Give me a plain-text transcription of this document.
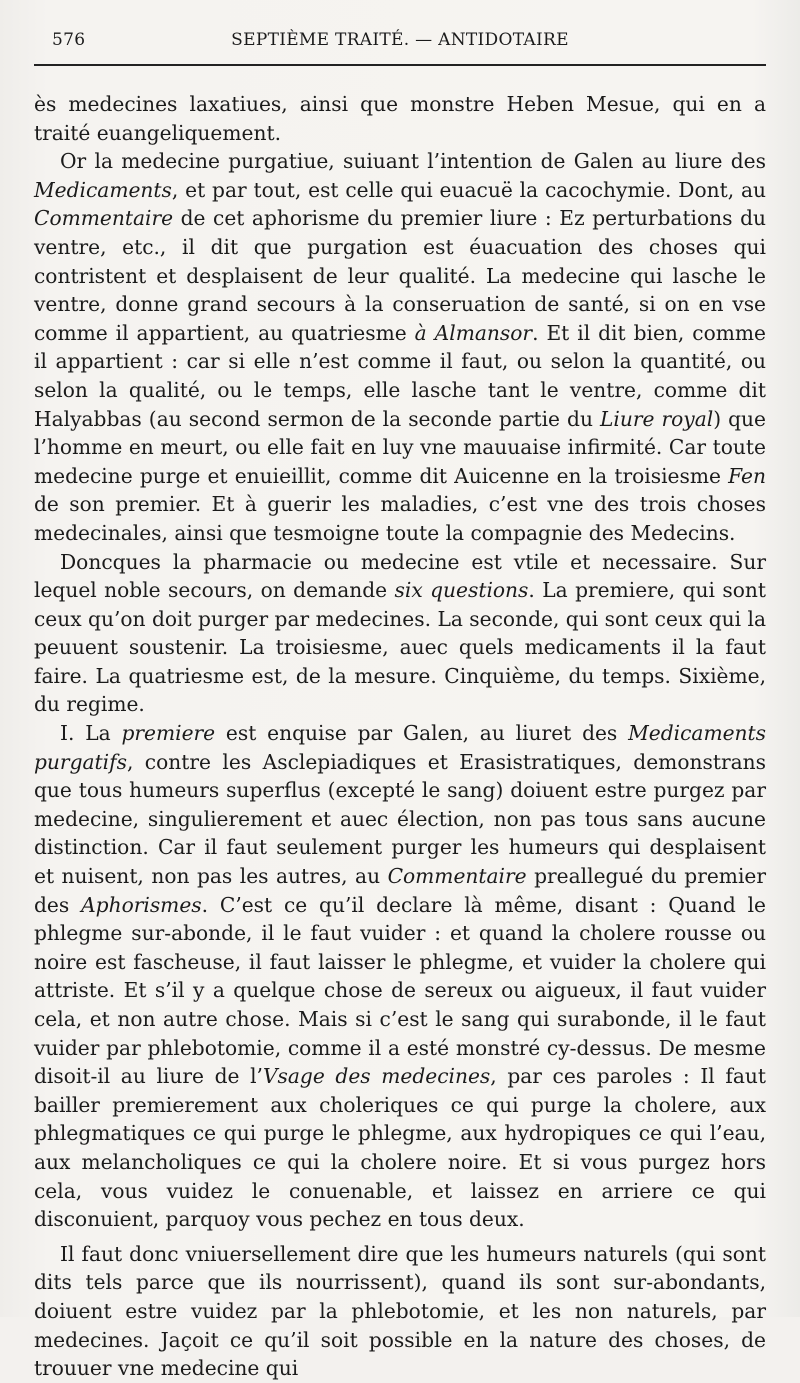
576	SEPTIÈME TRAITÉ. — ANTIDOTAIRE

ès medecines laxatiues, ainsi que monstre Heben Mesue, qui en a traité euangeliquement.

Or la medecine purgatiue, suiuant l’intention de Galen au liure des Medicaments, et par tout, est celle qui euacuë la cacochymie. Dont, au Commentaire de cet aphorisme du premier liure : Ez perturbations du ventre, etc., il dit que purgation est éuacuation des choses qui contristent et desplaisent de leur qualité. La medecine qui lasche le ventre, donne grand secours à la conseruation de santé, si on en vse comme il appartient, au quatriesme à Almansor. Et il dit bien, comme il appartient : car si elle n’est comme il faut, ou selon la quantité, ou selon la qualité, ou le temps, elle lasche tant le ventre, comme dit Halyabbas (au second sermon de la seconde partie du Liure royal) que l’homme en meurt, ou elle fait en luy vne mauuaise infirmité. Car toute medecine purge et enuieillit, comme dit Auicenne en la troisiesme Fen de son premier. Et à guerir les maladies, c’est vne des trois choses medecinales, ainsi que tesmoigne toute la compagnie des Medecins.

Doncques la pharmacie ou medecine est vtile et necessaire. Sur lequel noble secours, on demande six questions. La premiere, qui sont ceux qu’on doit purger par medecines. La seconde, qui sont ceux qui la peuuent soustenir. La troisiesme, auec quels medicaments il la faut faire. La quatriesme est, de la mesure. Cinquième, du temps. Sixième, du regime.

I. La premiere est enquise par Galen, au liuret des Medicaments purgatifs, contre les Asclepiadiques et Erasistratiques, demonstrans que tous humeurs superflus (excepté le sang) doiuent estre purgez par medecine, singulierement et auec élection, non pas tous sans aucune distinction. Car il faut seulement purger les humeurs qui desplaisent et nuisent, non pas les autres, au Commentaire preallegué du premier des Aphorismes. C’est ce qu’il declare là même, disant : Quand le phlegme sur-abonde, il le faut vuider : et quand la cholere rousse ou noire est fascheuse, il faut laisser le phlegme, et vuider la cholere qui attriste. Et s’il y a quelque chose de sereux ou aigueux, il faut vuider cela, et non autre chose. Mais si c’est le sang qui surabonde, il le faut vuider par phlebotomie, comme il a esté monstré cy-dessus. De mesme disoit-il au liure de l’Vsage des medecines, par ces paroles : Il faut bailler premierement aux choleriques ce qui purge la cholere, aux phlegmatiques ce qui purge le phlegme, aux hydropiques ce qui l’eau, aux melancholiques ce qui la cholere noire. Et si vous purgez hors cela, vous vuidez le conuenable, et laissez en arriere ce qui disconuient, parquoy vous pechez en tous deux.

Il faut donc vniuersellement dire que les humeurs naturels (qui sont dits tels parce que ils nourrissent), quand ils sont sur-abondants, doiuent estre vuidez par la phlebotomie, et les non naturels, par medecines. Jaçoit ce qu’il soit possible en la nature des choses, de trouuer vne medecine qui
